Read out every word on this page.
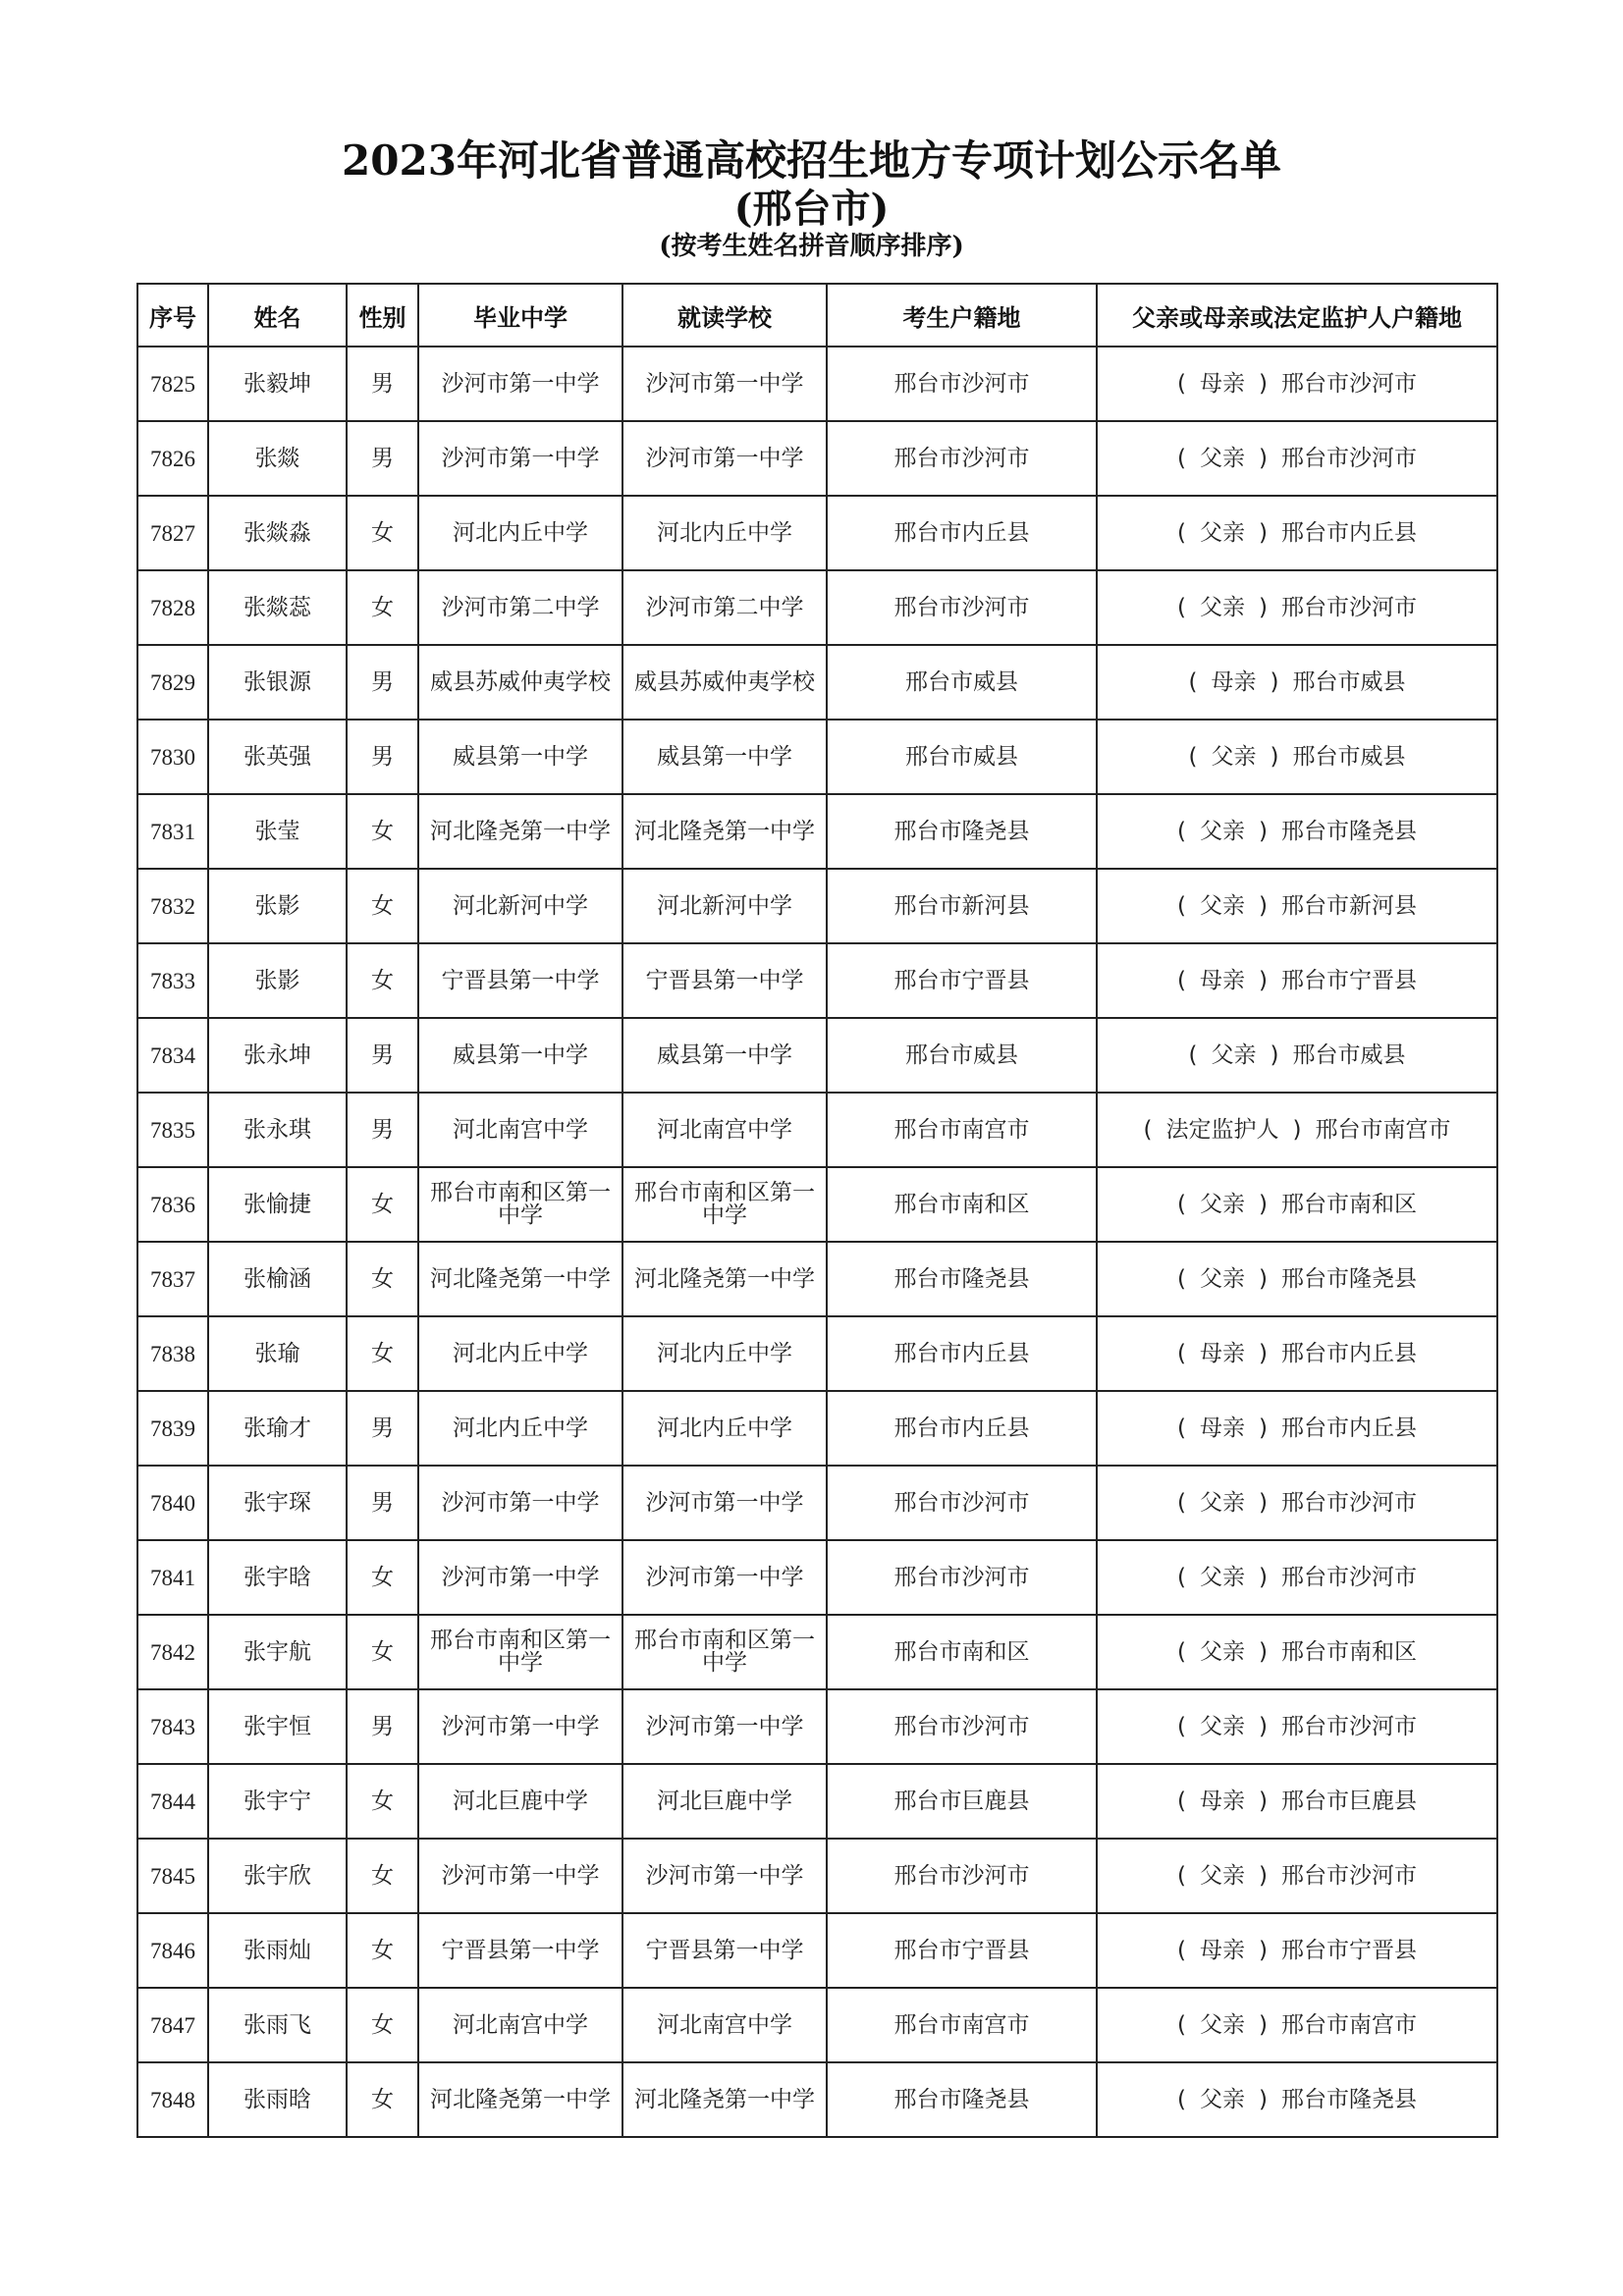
2023年河北省普通高校招生地方专项计划公示名单
(邢台市)
(按考生姓名拼音顺序排序)
序号	姓名	性别	毕业中学	就读学校	考生户籍地	父亲或母亲或法定监护人户籍地
7825	张毅坤	男	沙河市第一中学	沙河市第一中学	邢台市沙河市	( 母亲 ) 邢台市沙河市
7826	张燚	男	沙河市第一中学	沙河市第一中学	邢台市沙河市	( 父亲 ) 邢台市沙河市
7827	张燚淼	女	河北内丘中学	河北内丘中学	邢台市内丘县	( 父亲 ) 邢台市内丘县
7828	张燚蕊	女	沙河市第二中学	沙河市第二中学	邢台市沙河市	( 父亲 ) 邢台市沙河市
7829	张银源	男	威县苏威仲夷学校	威县苏威仲夷学校	邢台市威县	( 母亲 ) 邢台市威县
7830	张英强	男	威县第一中学	威县第一中学	邢台市威县	( 父亲 ) 邢台市威县
7831	张莹	女	河北隆尧第一中学	河北隆尧第一中学	邢台市隆尧县	( 父亲 ) 邢台市隆尧县
7832	张影	女	河北新河中学	河北新河中学	邢台市新河县	( 父亲 ) 邢台市新河县
7833	张影	女	宁晋县第一中学	宁晋县第一中学	邢台市宁晋县	( 母亲 ) 邢台市宁晋县
7834	张永坤	男	威县第一中学	威县第一中学	邢台市威县	( 父亲 ) 邢台市威县
7835	张永琪	男	河北南宫中学	河北南宫中学	邢台市南宫市	( 法定监护人 ) 邢台市南宫市
7836	张愉捷	女	邢台市南和区第一中学	邢台市南和区第一中学	邢台市南和区	( 父亲 ) 邢台市南和区
7837	张榆涵	女	河北隆尧第一中学	河北隆尧第一中学	邢台市隆尧县	( 父亲 ) 邢台市隆尧县
7838	张瑜	女	河北内丘中学	河北内丘中学	邢台市内丘县	( 母亲 ) 邢台市内丘县
7839	张瑜才	男	河北内丘中学	河北内丘中学	邢台市内丘县	( 母亲 ) 邢台市内丘县
7840	张宇琛	男	沙河市第一中学	沙河市第一中学	邢台市沙河市	( 父亲 ) 邢台市沙河市
7841	张宇晗	女	沙河市第一中学	沙河市第一中学	邢台市沙河市	( 父亲 ) 邢台市沙河市
7842	张宇航	女	邢台市南和区第一中学	邢台市南和区第一中学	邢台市南和区	( 父亲 ) 邢台市南和区
7843	张宇恒	男	沙河市第一中学	沙河市第一中学	邢台市沙河市	( 父亲 ) 邢台市沙河市
7844	张宇宁	女	河北巨鹿中学	河北巨鹿中学	邢台市巨鹿县	( 母亲 ) 邢台市巨鹿县
7845	张宇欣	女	沙河市第一中学	沙河市第一中学	邢台市沙河市	( 父亲 ) 邢台市沙河市
7846	张雨灿	女	宁晋县第一中学	宁晋县第一中学	邢台市宁晋县	( 母亲 ) 邢台市宁晋县
7847	张雨飞	女	河北南宫中学	河北南宫中学	邢台市南宫市	( 父亲 ) 邢台市南宫市
7848	张雨晗	女	河北隆尧第一中学	河北隆尧第一中学	邢台市隆尧县	( 父亲 ) 邢台市隆尧县
